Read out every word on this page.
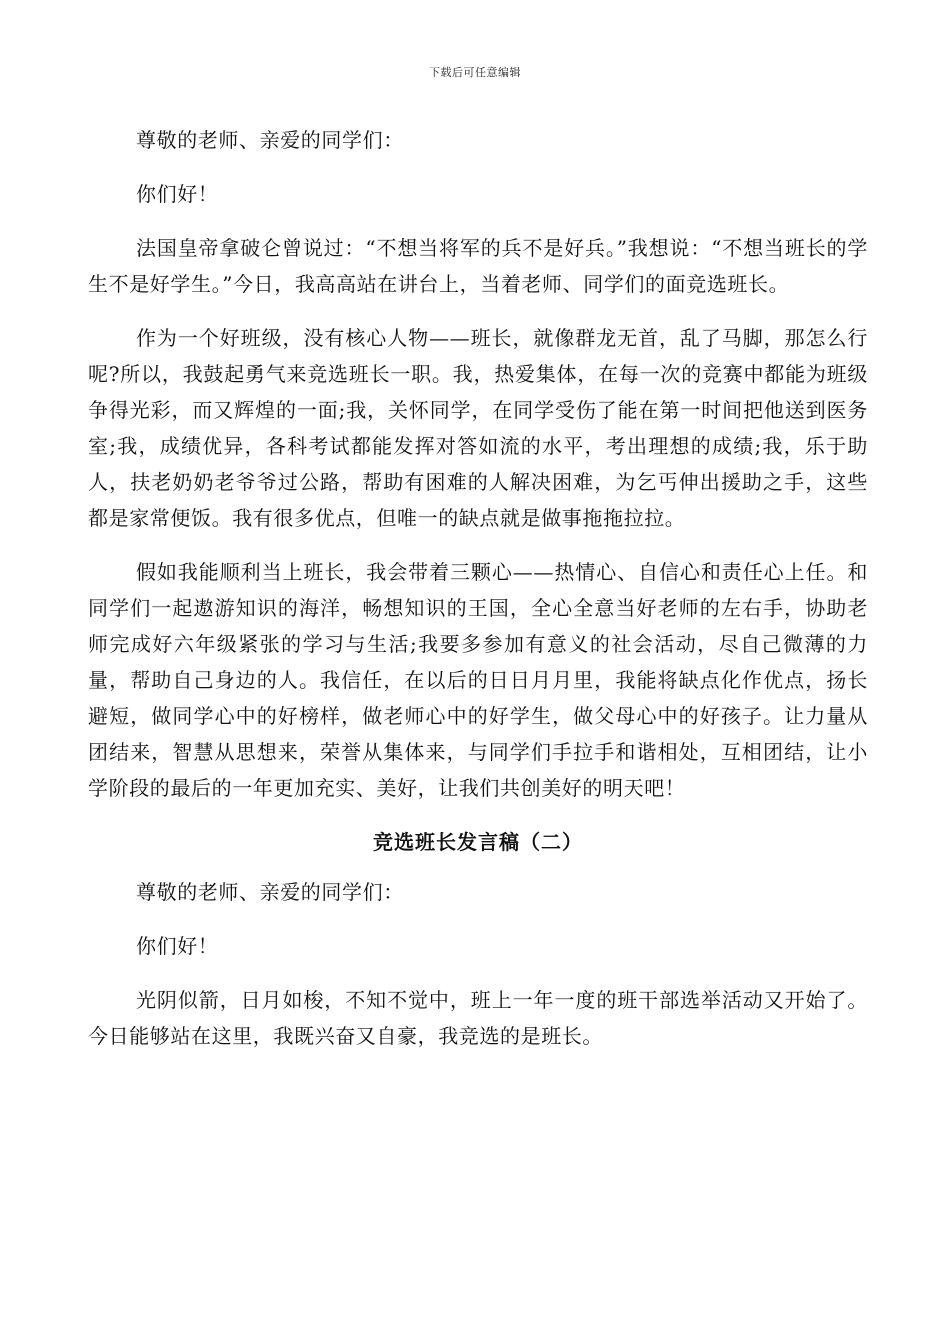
下载后可任意编辑

尊敬的老师、亲爱的同学们：

你们好！

法国皇帝拿破仑曾说过：“不想当将军的兵不是好兵。”我想说：“不想当班长的学生不是好学生。”今日，我高高站在讲台上，当着老师、同学们的面竞选班长。

作为一个好班级，没有核心人物——班长，就像群龙无首，乱了马脚，那怎么行呢?所以，我鼓起勇气来竞选班长一职。我，热爱集体，在每一次的竞赛中都能为班级争得光彩，而又辉煌的一面;我，关怀同学，在同学受伤了能在第一时间把他送到医务室;我，成绩优异，各科考试都能发挥对答如流的水平，考出理想的成绩;我，乐于助人，扶老奶奶老爷爷过公路，帮助有困难的人解决困难，为乞丐伸出援助之手，这些都是家常便饭。我有很多优点，但唯一的缺点就是做事拖拖拉拉。

假如我能顺利当上班长，我会带着三颗心——热情心、自信心和责任心上任。和同学们一起遨游知识的海洋，畅想知识的王国，全心全意当好老师的左右手，协助老师完成好六年级紧张的学习与生活;我要多参加有意义的社会活动，尽自己微薄的力量，帮助自己身边的人。我信任，在以后的日日月月里，我能将缺点化作优点，扬长避短，做同学心中的好榜样，做老师心中的好学生，做父母心中的好孩子。让力量从团结来，智慧从思想来，荣誉从集体来，与同学们手拉手和谐相处，互相团结，让小学阶段的最后的一年更加充实、美好，让我们共创美好的明天吧！

竞选班长发言稿（二）

尊敬的老师、亲爱的同学们：

你们好！

光阴似箭，日月如梭，不知不觉中，班上一年一度的班干部选举活动又开始了。今日能够站在这里，我既兴奋又自豪，我竞选的是班长。
